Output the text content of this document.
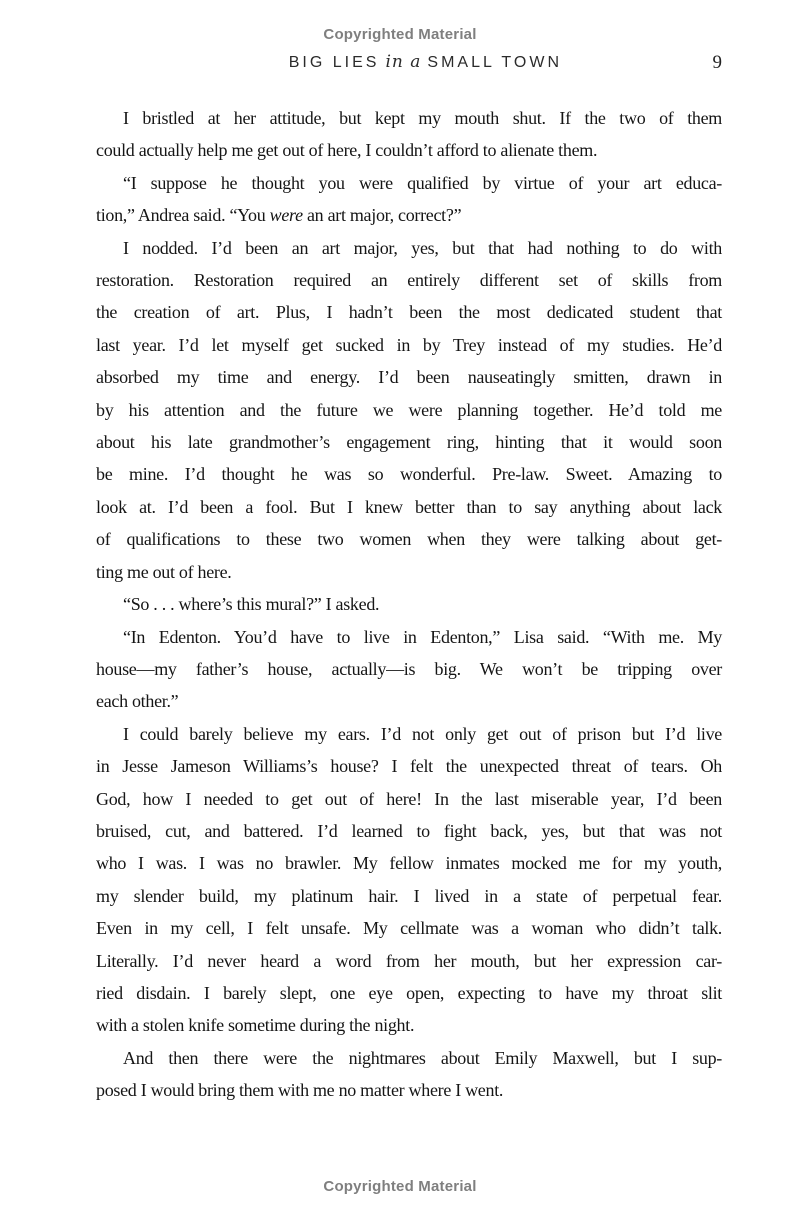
Copyrighted Material
BIG LIES in a SMALL TOWN	9

I bristled at her attitude, but kept my mouth shut. If the two of them
could actually help me get out of here, I couldn’t afford to alienate them.

“I suppose he thought you were qualified by virtue of your art educa-
tion,” Andrea said. “You were an art major, correct?”

I nodded. I’d been an art major, yes, but that had nothing to do with
restoration. Restoration required an entirely different set of skills from
the creation of art. Plus, I hadn’t been the most dedicated student that
last year. I’d let myself get sucked in by Trey instead of my studies. He’d
absorbed my time and energy. I’d been nauseatingly smitten, drawn in
by his attention and the future we were planning together. He’d told me
about his late grandmother’s engagement ring, hinting that it would soon
be mine. I’d thought he was so wonderful. Pre-law. Sweet. Amazing to
look at. I’d been a fool. But I knew better than to say anything about lack
of qualifications to these two women when they were talking about get-
ting me out of here.

“So . . . where’s this mural?” I asked.

“In Edenton. You’d have to live in Edenton,” Lisa said. “With me. My
house—my father’s house, actually—is big. We won’t be tripping over
each other.”

I could barely believe my ears. I’d not only get out of prison but I’d live
in Jesse Jameson Williams’s house? I felt the unexpected threat of tears. Oh
God, how I needed to get out of here! In the last miserable year, I’d been
bruised, cut, and battered. I’d learned to fight back, yes, but that was not
who I was. I was no brawler. My fellow inmates mocked me for my youth,
my slender build, my platinum hair. I lived in a state of perpetual fear.
Even in my cell, I felt unsafe. My cellmate was a woman who didn’t talk.
Literally. I’d never heard a word from her mouth, but her expression car-
ried disdain. I barely slept, one eye open, expecting to have my throat slit
with a stolen knife sometime during the night.

And then there were the nightmares about Emily Maxwell, but I sup-
posed I would bring them with me no matter where I went.

Copyrighted Material
